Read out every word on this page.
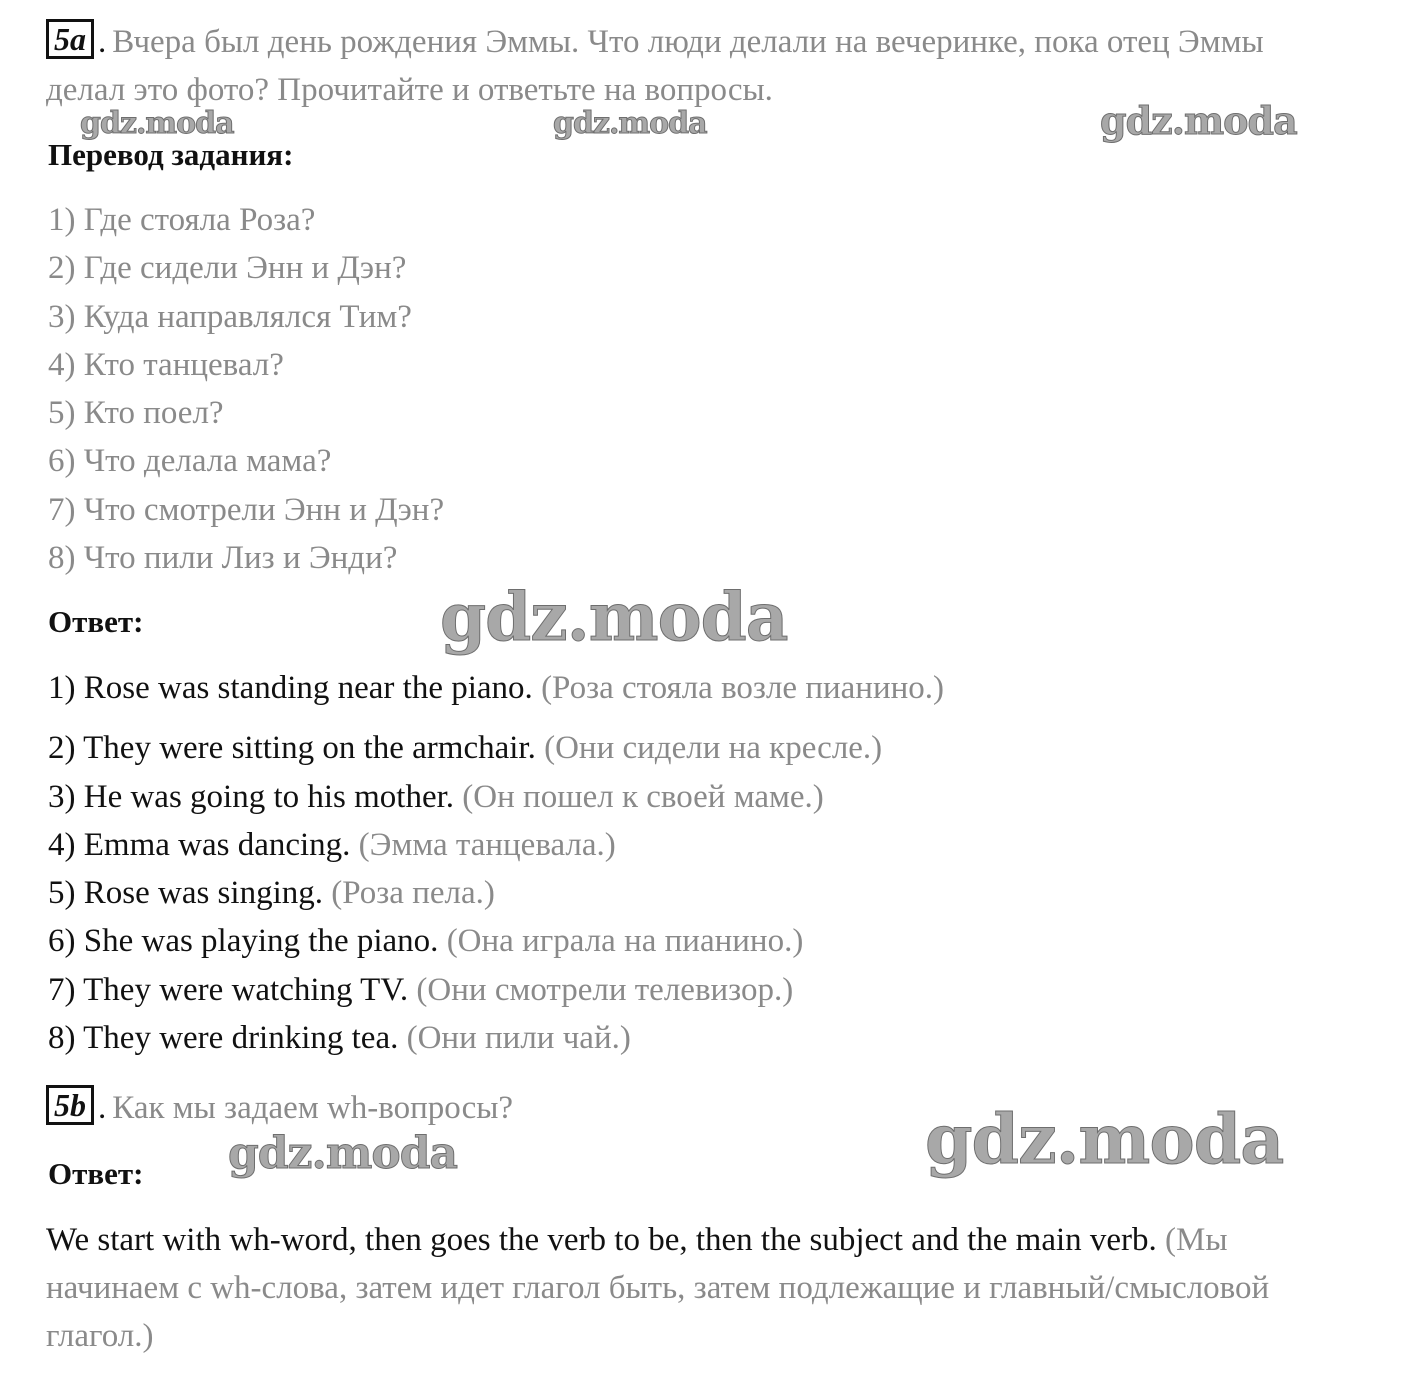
5a . Вчера был день рождения Эммы. Что люди делали на вечеринке, пока отец Эммы делал это фото? Прочитайте и ответьте на вопросы.
Перевод задания:
1) Где стояла Роза?
2) Где сидели Энн и Дэн?
3) Куда направлялся Тим?
4) Кто танцевал?
5) Кто поел?
6) Что делала мама?
7) Что смотрели Энн и Дэн?
8) Что пили Лиз и Энди?
Ответ:
1) Rose was standing near the piano. (Роза стояла возле пианино.)
2) They were sitting on the armchair. (Они сидели на кресле.)
3) He was going to his mother. (Он пошел к своей маме.)
4) Emma was dancing. (Эмма танцевала.)
5) Rose was singing. (Роза пела.)
6) She was playing the piano. (Она играла на пианино.)
7) They were watching TV. (Они смотрели телевизор.)
8) They were drinking tea. (Они пили чай.)
5b . Как мы задаем wh-вопросы?
Ответ:
We start with wh-word, then goes the verb to be, then the subject and the main verb. (Мы начинаем с wh-слова, затем идет глагол быть, затем подлежащие и главный/смысловой глагол.)
gdz.moda	gdz.moda	gdz.moda
gdz.moda
gdz.moda	gdz.moda
